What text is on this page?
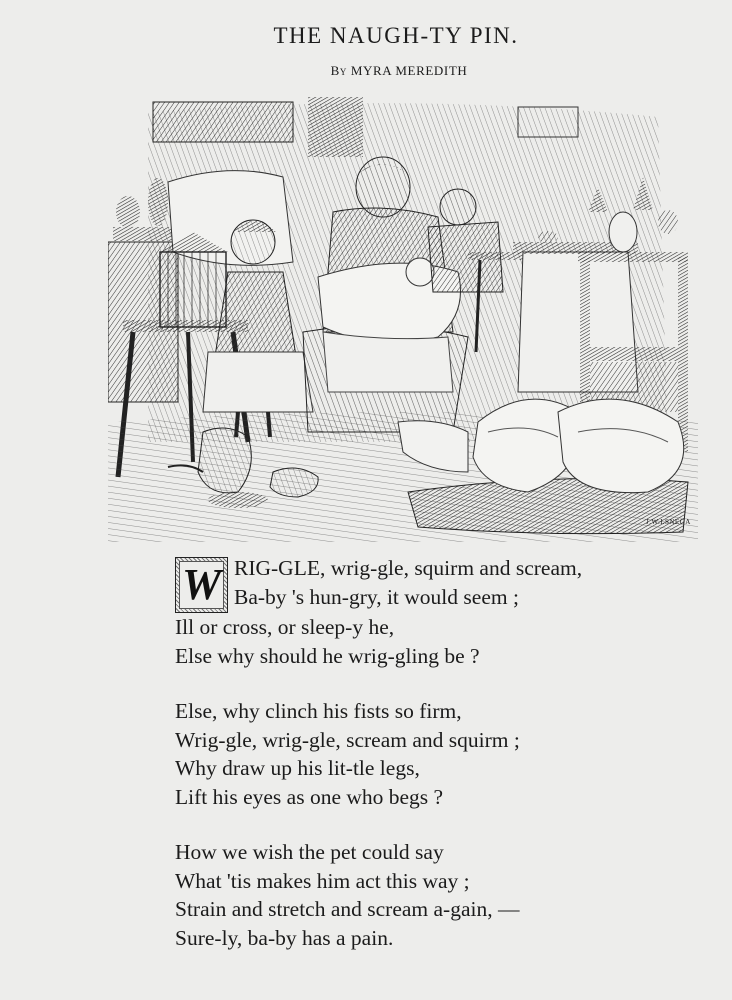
THE NAUGH-TY PIN.
By MYRA MEREDITH
J.W.LSNEGA
W RIG-GLE, wrig-gle, squirm and scream,
Ba-by 's hun-gry, it would seem ;
Ill or cross, or sleep-y he,
Else why should he wrig-gling be ?
Else, why clinch his fists so firm,
Wrig-gle, wrig-gle, scream and squirm ;
Why draw up his lit-tle legs,
Lift his eyes as one who begs ?
How we wish the pet could say
What 'tis makes him act this way ;
Strain and stretch and scream a-gain, —
Sure-ly, ba-by has a pain.
